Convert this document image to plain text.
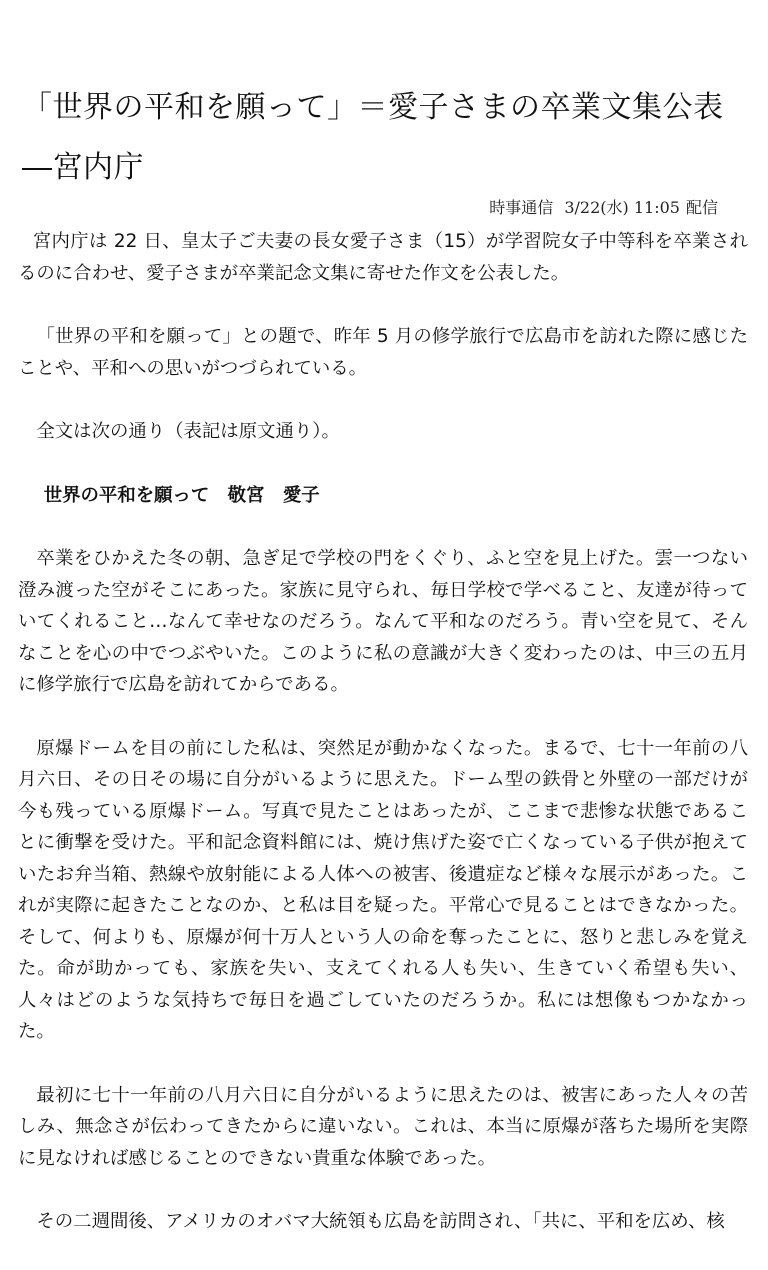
「世界の平和を願って」＝愛子さまの卒業文集公表―宮内庁
時事通信 3/22(水) 11:05 配信

宮内庁は 22 日、皇太子ご夫妻の長女愛子さま（15）が学習院女子中等科を卒業されるのに合わせ、愛子さまが卒業記念文集に寄せた作文を公表した。

「世界の平和を願って」との題で、昨年 5 月の修学旅行で広島市を訪れた際に感じたことや、平和への思いがつづられている。

全文は次の通り（表記は原文通り）。

世界の平和を願って　敬宮　愛子

卒業をひかえた冬の朝、急ぎ足で学校の門をくぐり、ふと空を見上げた。雲一つない澄み渡った空がそこにあった。家族に見守られ、毎日学校で学べること、友達が待っていてくれること…なんて幸せなのだろう。なんて平和なのだろう。青い空を見て、そんなことを心の中でつぶやいた。このように私の意識が大きく変わったのは、中三の五月に修学旅行で広島を訪れてからである。

原爆ドームを目の前にした私は、突然足が動かなくなった。まるで、七十一年前の八月六日、その日その場に自分がいるように思えた。ドーム型の鉄骨と外壁の一部だけが今も残っている原爆ドーム。写真で見たことはあったが、ここまで悲惨な状態であることに衝撃を受けた。平和記念資料館には、焼け焦げた姿で亡くなっている子供が抱えていたお弁当箱、熱線や放射能による人体への被害、後遺症など様々な展示があった。これが実際に起きたことなのか、と私は目を疑った。平常心で見ることはできなかった。そして、何よりも、原爆が何十万人という人の命を奪ったことに、怒りと悲しみを覚えた。命が助かっても、家族を失い、支えてくれる人も失い、生きていく希望も失い、人々はどのような気持ちで毎日を過ごしていたのだろうか。私には想像もつかなかった。

最初に七十一年前の八月六日に自分がいるように思えたのは、被害にあった人々の苦しみ、無念さが伝わってきたからに違いない。これは、本当に原爆が落ちた場所を実際に見なければ感じることのできない貴重な体験であった。

その二週間後、アメリカのオバマ大統領も広島を訪問され、「共に、平和を広め、核
